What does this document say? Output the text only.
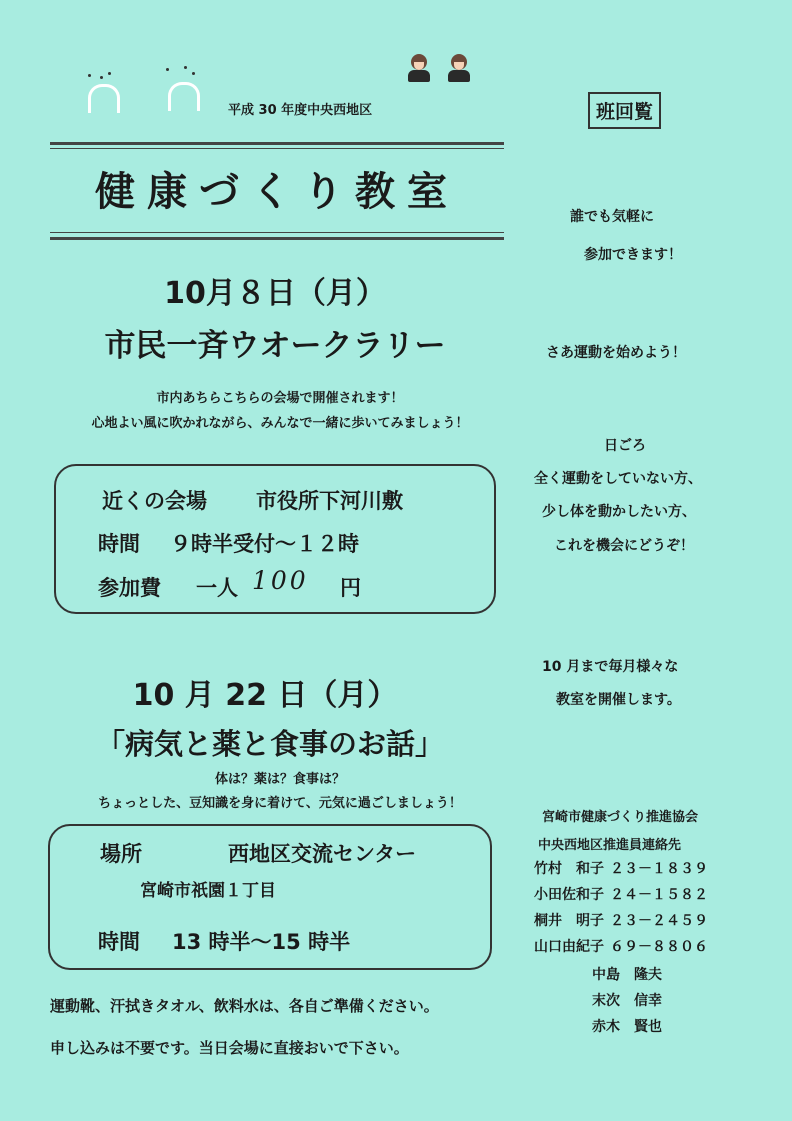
平成 30 年度中央西地区	班回覧
健康づくり教室
10月８日（月）
市民一斉ウオークラリー
市内あちらこちらの会場で開催されます！
心地よい風に吹かれながら、みんなで一緒に歩いてみましょう！
近くの会場 市役所下河川敷
時間 ９時半受付～１２時
参加費 一人 100 円
10 月 22 日（月）
「病気と薬と食事のお話」
体は？薬は？食事は？
ちょっとした、豆知識を身に着けて、元気に過ごしましょう！
場所	西地区交流センター
宮崎市祇園１丁目
時間 13 時半～15 時半
運動靴、汗拭きタオル、飲料水は、各自ご準備ください。
申し込みは不要です。当日会場に直接おいで下さい。
誰でも気軽に
参加できます！
さあ運動を始めよう！
日ごろ
全く運動をしていない方、
少し体を動かしたい方、
これを機会にどうぞ！
10 月まで毎月様々な
教室を開催します。
宮崎市健康づくり推進協会
中央西地区推進員連絡先
竹村　和子 ２３－１８３９
小田佐和子 ２４－１５８２
桐井　明子 ２３－２４５９
山口由紀子 ６９－８８０６
中島　隆夫
末次　信幸
赤木　賢也
